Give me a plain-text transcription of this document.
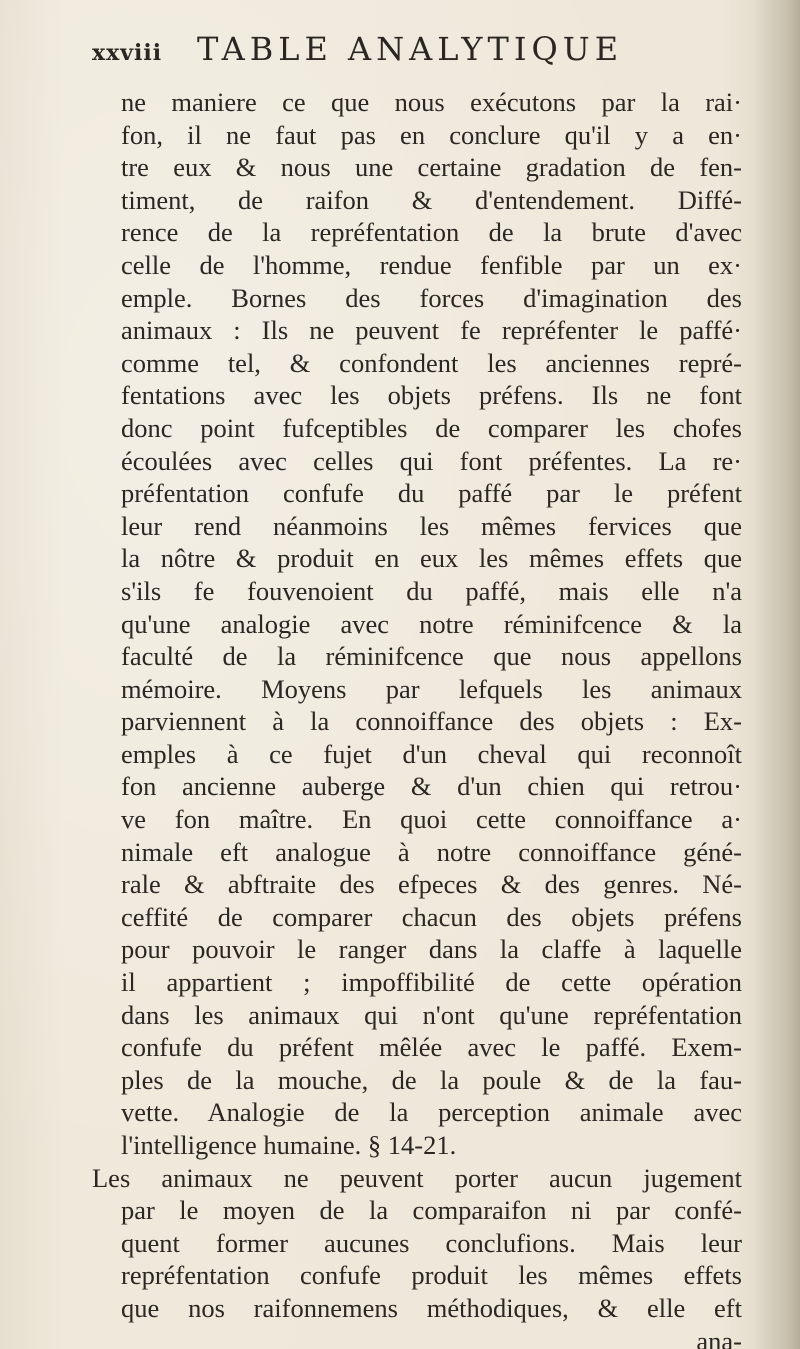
xxviii	TABLE ANALYTIQUE
ne maniere ce que nous exécutons par la rai·
fon, il ne faut pas en conclure qu'il y a en·
tre eux & nous une certaine gradation de fen-
timent, de raifon & d'entendement. Diffé-
rence de la repréfentation de la brute d'avec
celle de l'homme, rendue fenfible par un ex·
emple. Bornes des forces d'imagination des
animaux : Ils ne peuvent fe repréfenter le paffé·
comme tel, & confondent les anciennes repré-
fentations avec les objets préfens. Ils ne font
donc point fufceptibles de comparer les chofes
écoulées avec celles qui font préfentes. La re·
préfentation confufe du paffé par le préfent
leur rend néanmoins les mêmes fervices que
la nôtre & produit en eux les mêmes effets que
s'ils fe fouvenoient du paffé, mais elle n'a
qu'une analogie avec notre réminifcence & la
faculté de la réminifcence que nous appellons
mémoire. Moyens par lefquels les animaux
parviennent à la connoiffance des objets : Ex-
emples à ce fujet d'un cheval qui reconnoît
fon ancienne auberge & d'un chien qui retrou·
ve fon maître. En quoi cette connoiffance a·
nimale eft analogue à notre connoiffance géné-
rale & abftraite des efpeces & des genres. Né-
ceffité de comparer chacun des objets préfens
pour pouvoir le ranger dans la claffe à laquelle
il appartient ; impoffibilité de cette opération
dans les animaux qui n'ont qu'une repréfentation
confufe du préfent mêlée avec le paffé. Exem-
ples de la mouche, de la poule & de la fau-
vette. Analogie de la perception animale avec
l'intelligence humaine. § 14-21.
Les animaux ne peuvent porter aucun jugement
par le moyen de la comparaifon ni par confé-
quent former aucunes conclufions. Mais leur
repréfentation confufe produit les mêmes effets
que nos raifonnemens méthodiques, & elle eft
ana-
